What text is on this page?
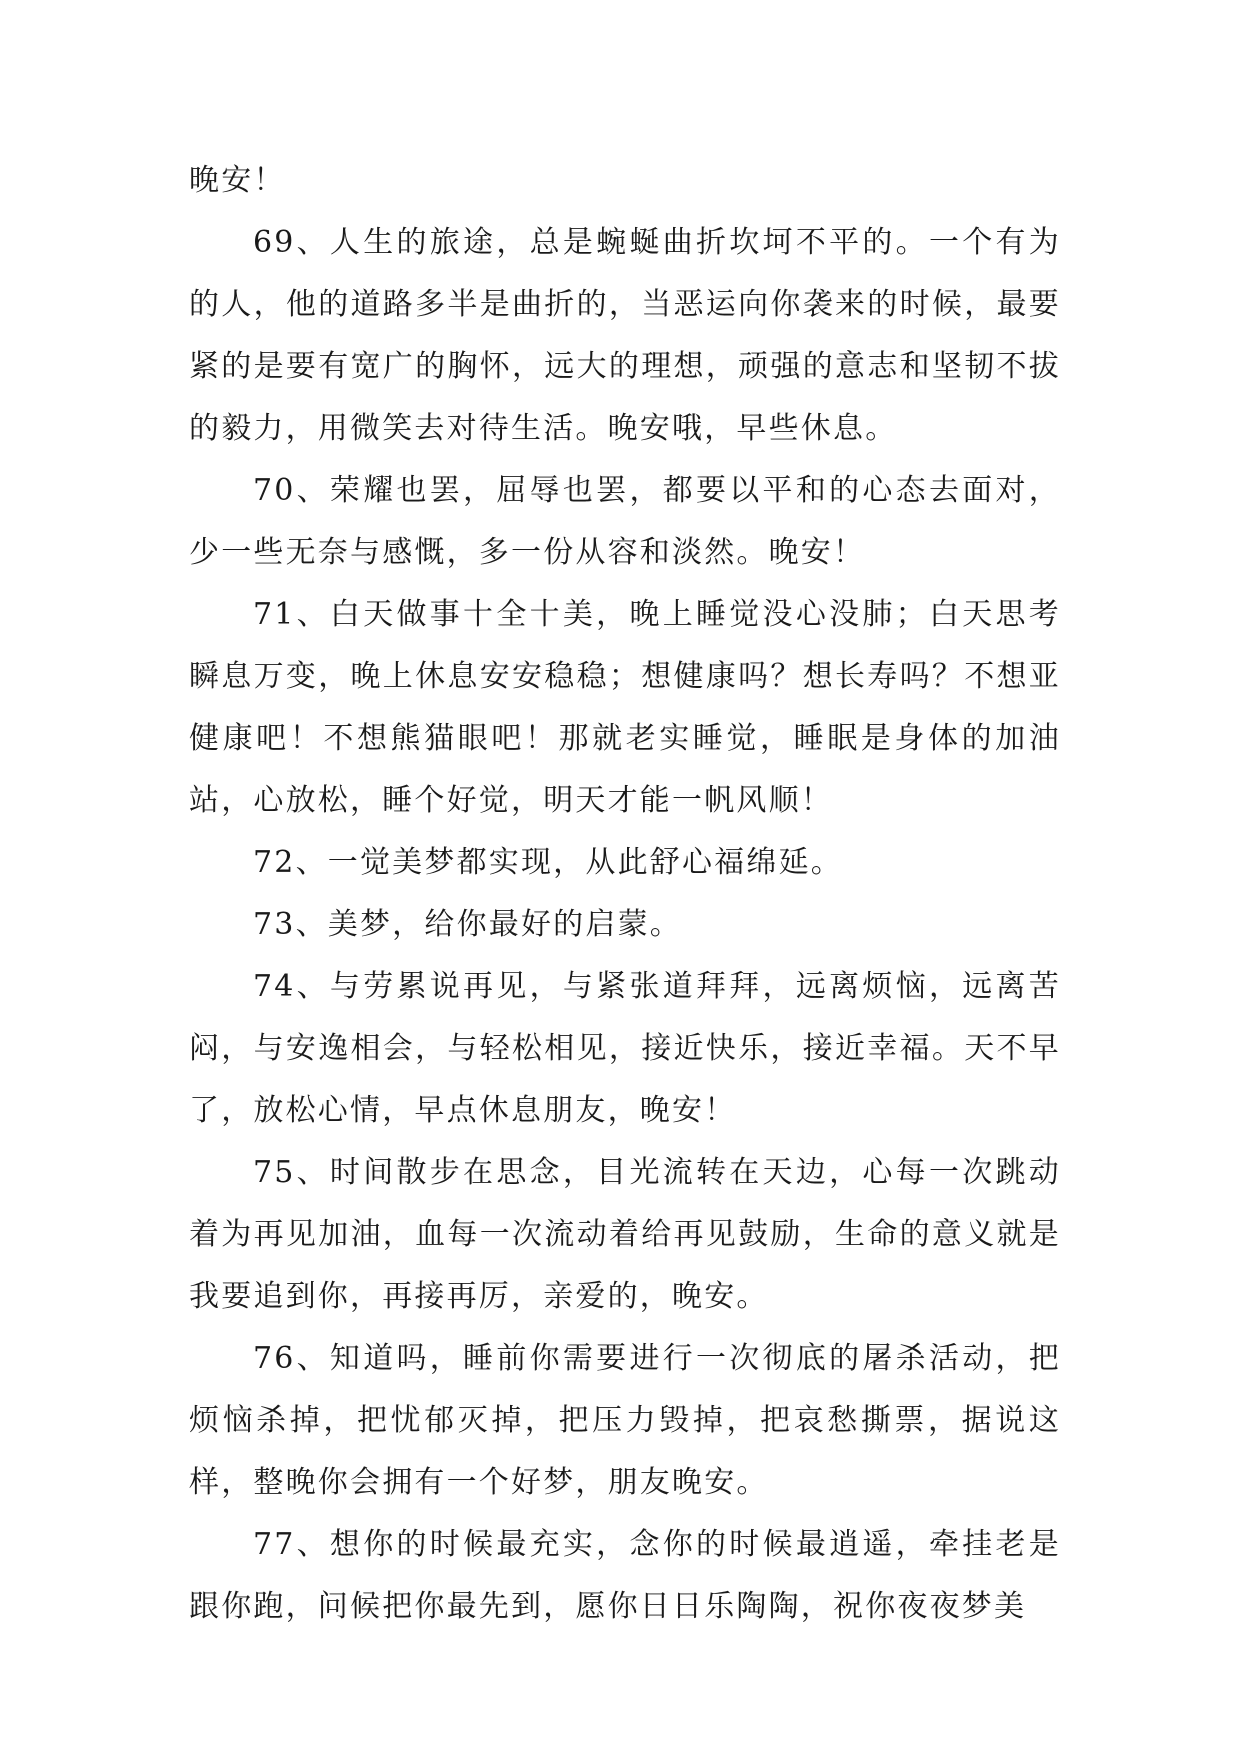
晚安！

69、人生的旅途，总是蜿蜒曲折坎坷不平的。一个有为的人，他的道路多半是曲折的，当恶运向你袭来的时候，最要紧的是要有宽广的胸怀，远大的理想，顽强的意志和坚韧不拔的毅力，用微笑去对待生活。晚安哦，早些休息。

70、荣耀也罢，屈辱也罢，都要以平和的心态去面对，少一些无奈与感慨，多一份从容和淡然。晚安！

71、白天做事十全十美，晚上睡觉没心没肺；白天思考瞬息万变，晚上休息安安稳稳；想健康吗？想长寿吗？不想亚健康吧！不想熊猫眼吧！那就老实睡觉，睡眠是身体的加油站，心放松，睡个好觉，明天才能一帆风顺！

72、一觉美梦都实现，从此舒心福绵延。

73、美梦，给你最好的启蒙。

74、与劳累说再见，与紧张道拜拜，远离烦恼，远离苦闷，与安逸相会，与轻松相见，接近快乐，接近幸福。天不早了，放松心情，早点休息朋友，晚安！

75、时间散步在思念，目光流转在天边，心每一次跳动着为再见加油，血每一次流动着给再见鼓励，生命的意义就是我要追到你，再接再厉，亲爱的，晚安。

76、知道吗，睡前你需要进行一次彻底的屠杀活动，把烦恼杀掉，把忧郁灭掉，把压力毁掉，把哀愁撕票，据说这样，整晚你会拥有一个好梦，朋友晚安。

77、想你的时候最充实，念你的时候最逍遥，牵挂老是跟你跑，问候把你最先到，愿你日日乐陶陶，祝你夜夜梦美
